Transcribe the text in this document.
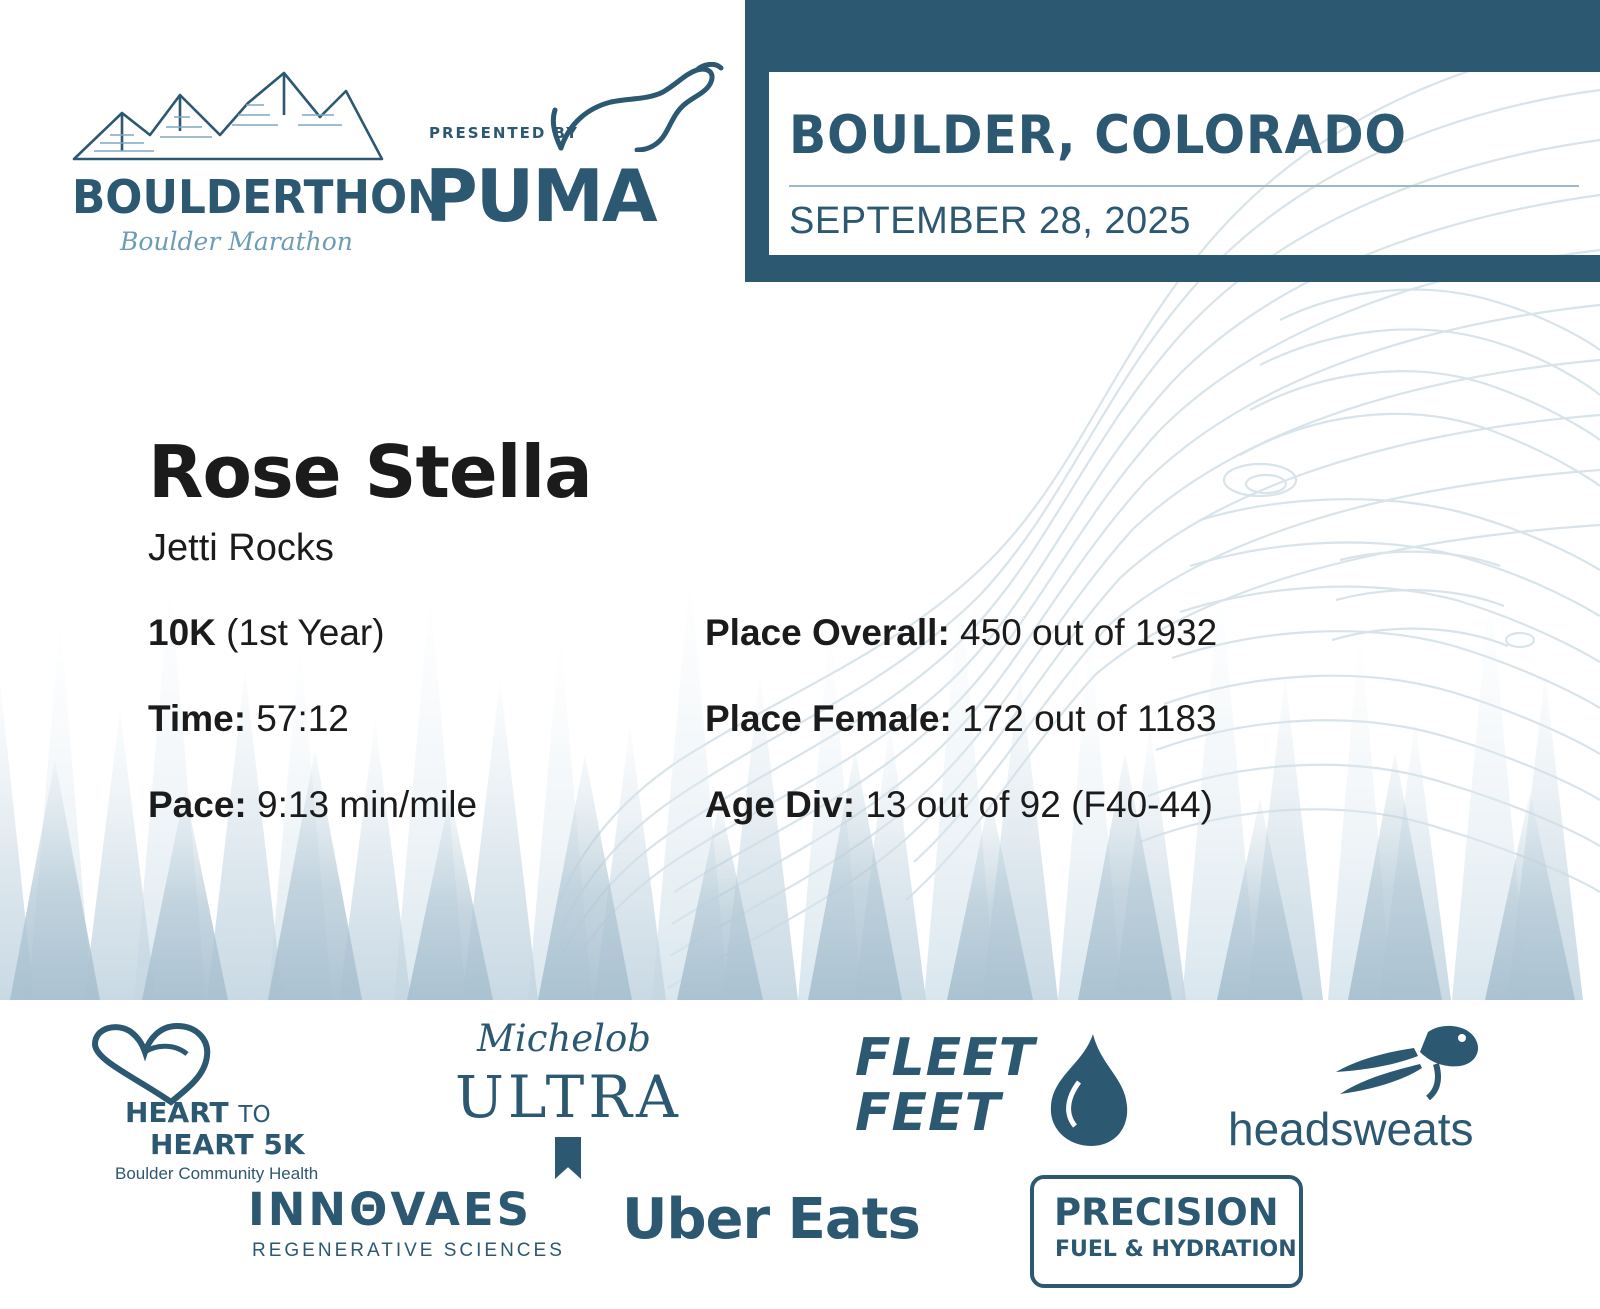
BOULDERTHON
Boulder Marathon
PRESENTED BY
PUMA
BOULDER, COLORADO
SEPTEMBER 28, 2025
Rose Stella
Jetti Rocks
10K (1st Year)
Time: 57:12
Pace: 9:13 min/mile
Place Overall: 450 out of 1932
Place Female: 172 out of 1183
Age Div: 13 out of 92 (F40-44)
HEART TO
HEART 5K
Boulder Community Health
Michelob
ULTRA
FLEET
FEET	headsweats
INNΘVAES
REGENERATIVE SCIENCES Uber Eats	PRECISION
FUEL & HYDRATION
